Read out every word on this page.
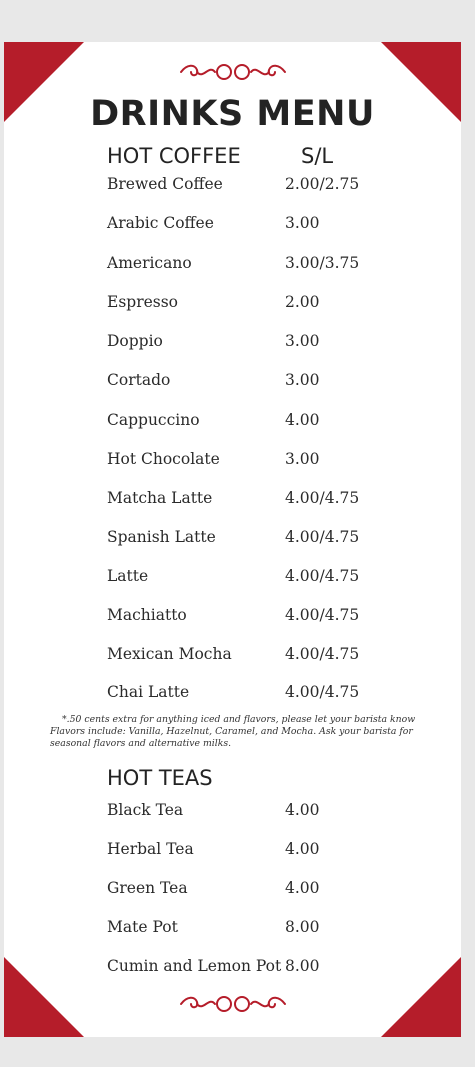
DRINKS MENU
HOT COFFEE	S/L
Brewed Coffee	2.00/2.75
Arabic Coffee	3.00
Americano	3.00/3.75
Espresso	2.00
Doppio	3.00
Cortado	3.00
Cappuccino	4.00
Hot Chocolate	3.00
Matcha Latte	4.00/4.75
Spanish Latte	4.00/4.75
Latte	4.00/4.75
Machiatto	4.00/4.75
Mexican Mocha	4.00/4.75
Chai Latte	4.00/4.75
*.50 cents extra for anything iced and flavors, please let your barista know
Flavors include: Vanilla, Hazelnut, Caramel, and Mocha. Ask your barista for seasonal flavors and alternative milks.
HOT TEAS
Black Tea	4.00
Herbal Tea	4.00
Green Tea	4.00
Mate Pot	8.00
Cumin and Lemon Pot 8.00
